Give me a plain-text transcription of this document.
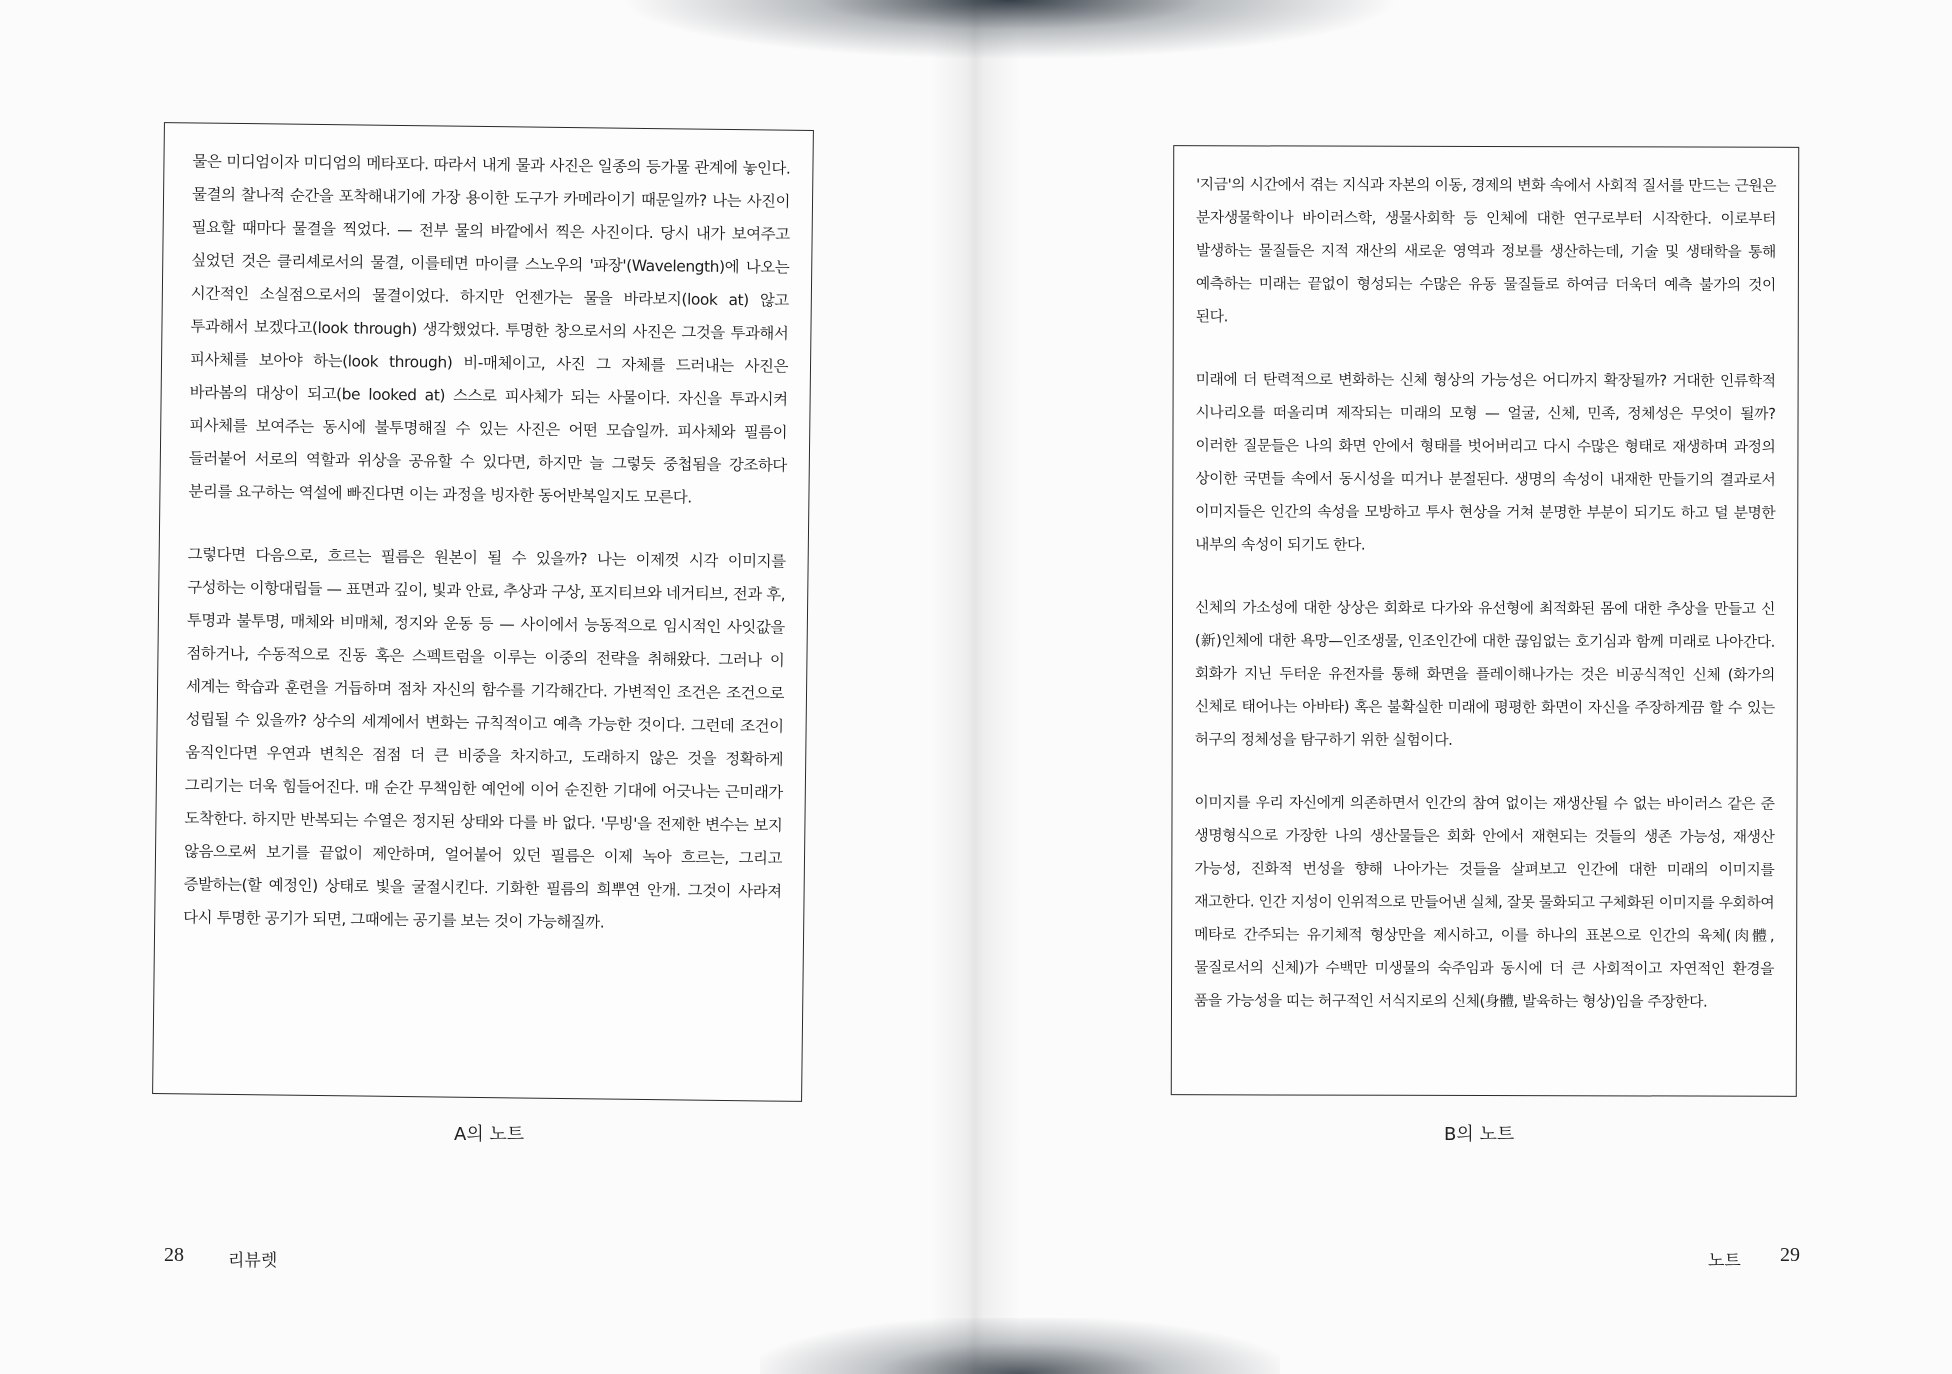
물은 미디엄이자 미디엄의 메타포다. 따라서 내게 물과 사진은 일종의 등가물 관계에 놓인다. 물결의 찰나적 순간을 포착해내기에 가장 용이한 도구가 카메라이기 때문일까? 나는 사진이 필요할 때마다 물결을 찍었다. — 전부 물의 바깥에서 찍은 사진이다. 당시 내가 보여주고 싶었던 것은 클리셰로서의 물결, 이를테면 마이클 스노우의 '파장'(Wavelength)에 나오는 시간적인 소실점으로서의 물결이었다. 하지만 언젠가는 물을 바라보지(look at) 않고 투과해서 보겠다고(look through) 생각했었다. 투명한 창으로서의 사진은 그것을 투과해서 피사체를 보아야 하는(look through) 비-매체이고, 사진 그 자체를 드러내는 사진은 바라봄의 대상이 되고(be looked at) 스스로 피사체가 되는 사물이다. 자신을 투과시켜 피사체를 보여주는 동시에 불투명해질 수 있는 사진은 어떤 모습일까. 피사체와 필름이 들러붙어 서로의 역할과 위상을 공유할 수 있다면, 하지만 늘 그렇듯 중첩됨을 강조하다 분리를 요구하는 역설에 빠진다면 이는 과정을 빙자한 동어반복일지도 모른다.

그렇다면 다음으로, 흐르는 필름은 원본이 될 수 있을까? 나는 이제껏 시각 이미지를 구성하는 이항대립들 — 표면과 깊이, 빛과 안료, 추상과 구상, 포지티브와 네거티브, 전과 후, 투명과 불투명, 매체와 비매체, 정지와 운동 등 — 사이에서 능동적으로 임시적인 사잇값을 점하거나, 수동적으로 진동 혹은 스펙트럼을 이루는 이중의 전략을 취해왔다. 그러나 이 세계는 학습과 훈련을 거듭하며 점차 자신의 함수를 기각해간다. 가변적인 조건은 조건으로 성립될 수 있을까? 상수의 세계에서 변화는 규칙적이고 예측 가능한 것이다. 그런데 조건이 움직인다면 우연과 변칙은 점점 더 큰 비중을 차지하고, 도래하지 않은 것을 정확하게 그리기는 더욱 힘들어진다. 매 순간 무책임한 예언에 이어 순진한 기대에 어긋나는 근미래가 도착한다. 하지만 반복되는 수열은 정지된 상태와 다를 바 없다. '무빙'을 전제한 변수는 보지 않음으로써 보기를 끝없이 제안하며, 얼어붙어 있던 필름은 이제 녹아 흐르는, 그리고 증발하는(할 예정인) 상태로 빛을 굴절시킨다. 기화한 필름의 희뿌연 안개. 그것이 사라져 다시 투명한 공기가 되면, 그때에는 공기를 보는 것이 가능해질까.

'지금'의 시간에서 겪는 지식과 자본의 이동, 경제의 변화 속에서 사회적 질서를 만드는 근원은 분자생물학이나 바이러스학, 생물사회학 등 인체에 대한 연구로부터 시작한다. 이로부터 발생하는 물질들은 지적 재산의 새로운 영역과 정보를 생산하는데, 기술 및 생태학을 통해 예측하는 미래는 끝없이 형성되는 수많은 유동 물질들로 하여금 더욱더 예측 불가의 것이 된다.

미래에 더 탄력적으로 변화하는 신체 형상의 가능성은 어디까지 확장될까? 거대한 인류학적 시나리오를 떠올리며 제작되는 미래의 모형 — 얼굴, 신체, 민족, 정체성은 무엇이 될까? 이러한 질문들은 나의 화면 안에서 형태를 벗어버리고 다시 수많은 형태로 재생하며 과정의 상이한 국면들 속에서 동시성을 띠거나 분절된다. 생명의 속성이 내재한 만들기의 결과로서 이미지들은 인간의 속성을 모방하고 투사 현상을 거쳐 분명한 부분이 되기도 하고 덜 분명한 내부의 속성이 되기도 한다.

신체의 가소성에 대한 상상은 회화로 다가와 유선형에 최적화된 몸에 대한 추상을 만들고 신(新)인체에 대한 욕망—인조생물, 인조인간에 대한 끊임없는 호기심과 함께 미래로 나아간다. 회화가 지닌 두터운 유전자를 통해 화면을 플레이해나가는 것은 비공식적인 신체 (화가의 신체로 태어나는 아바타) 혹은 불확실한 미래에 평평한 화면이 자신을 주장하게끔 할 수 있는 허구의 정체성을 탐구하기 위한 실험이다.

이미지를 우리 자신에게 의존하면서 인간의 참여 없이는 재생산될 수 없는 바이러스 같은 준 생명형식으로 가장한 나의 생산물들은 회화 안에서 재현되는 것들의 생존 가능성, 재생산 가능성, 진화적 번성을 향해 나아가는 것들을 살펴보고 인간에 대한 미래의 이미지를 재고한다. 인간 지성이 인위적으로 만들어낸 실체, 잘못 물화되고 구체화된 이미지를 우회하여 메타로 간주되는 유기체적 형상만을 제시하고, 이를 하나의 표본으로 인간의 육체(肉體, 물질로서의 신체)가 수백만 미생물의 숙주임과 동시에 더 큰 사회적이고 자연적인 환경을 품을 가능성을 띠는 허구적인 서식지로의 신체(身體, 발육하는 형상)임을 주장한다.

A의 노트	B의 노트
28	리뷰렛	노트 29
